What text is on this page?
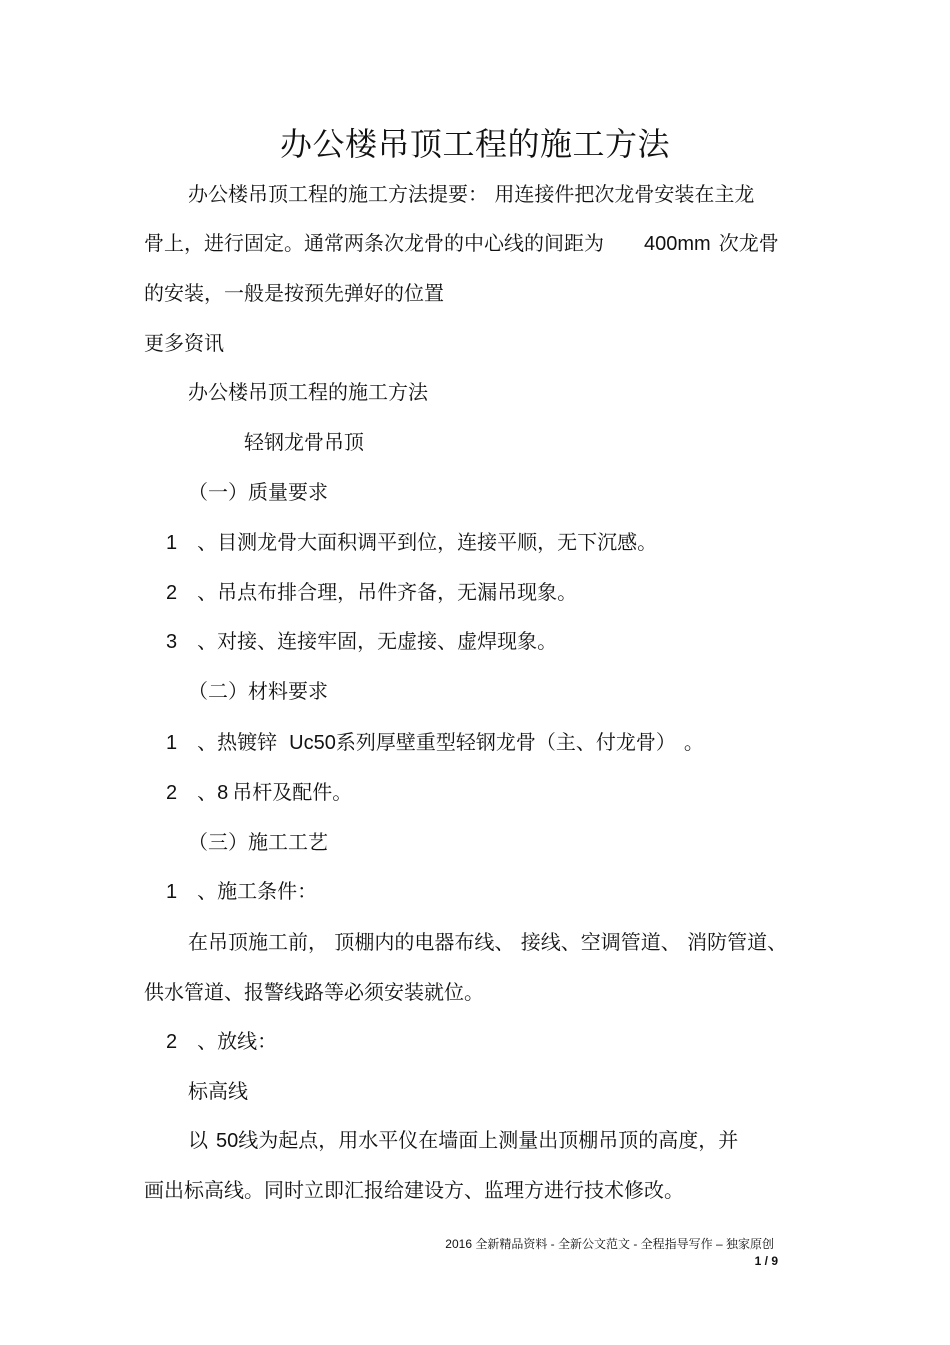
办公楼吊顶工程的施工方法
办公楼吊顶工程的施工方法提要： 用连接件把次龙骨安装在主龙
骨上，进行固定。通常两条次龙骨的中心线的间距为 400mm 次龙骨
的安装，一般是按预先弹好的位置
更多资讯
办公楼吊顶工程的施工方法
轻钢龙骨吊顶
（一）质量要求
1 、目测龙骨大面积调平到位，连接平顺，无下沉感。
2 、吊点布排合理，吊件齐备，无漏吊现象。
3 、对接、连接牢固，无虚接、虚焊现象。
（二）材料要求
1 、热镀锌 Uc50系列厚壁重型轻钢龙骨（主、付龙骨） 。
2 、8 吊杆及配件。
（三）施工工艺
1 、施工条件：
在吊顶施工前， 顶棚内的电器布线、 接线、空调管道、 消防管道、
供水管道、报警线路等必须安装就位。
2 、放线：
标高线
以 50线为起点，用水平仪在墙面上测量出顶棚吊顶的高度，并
画出标高线。同时立即汇报给建设方、监理方进行技术修改。
2016 全新精品资料 - 全新公文范文 - 全程指导写作 – 独家原创
1 / 9
